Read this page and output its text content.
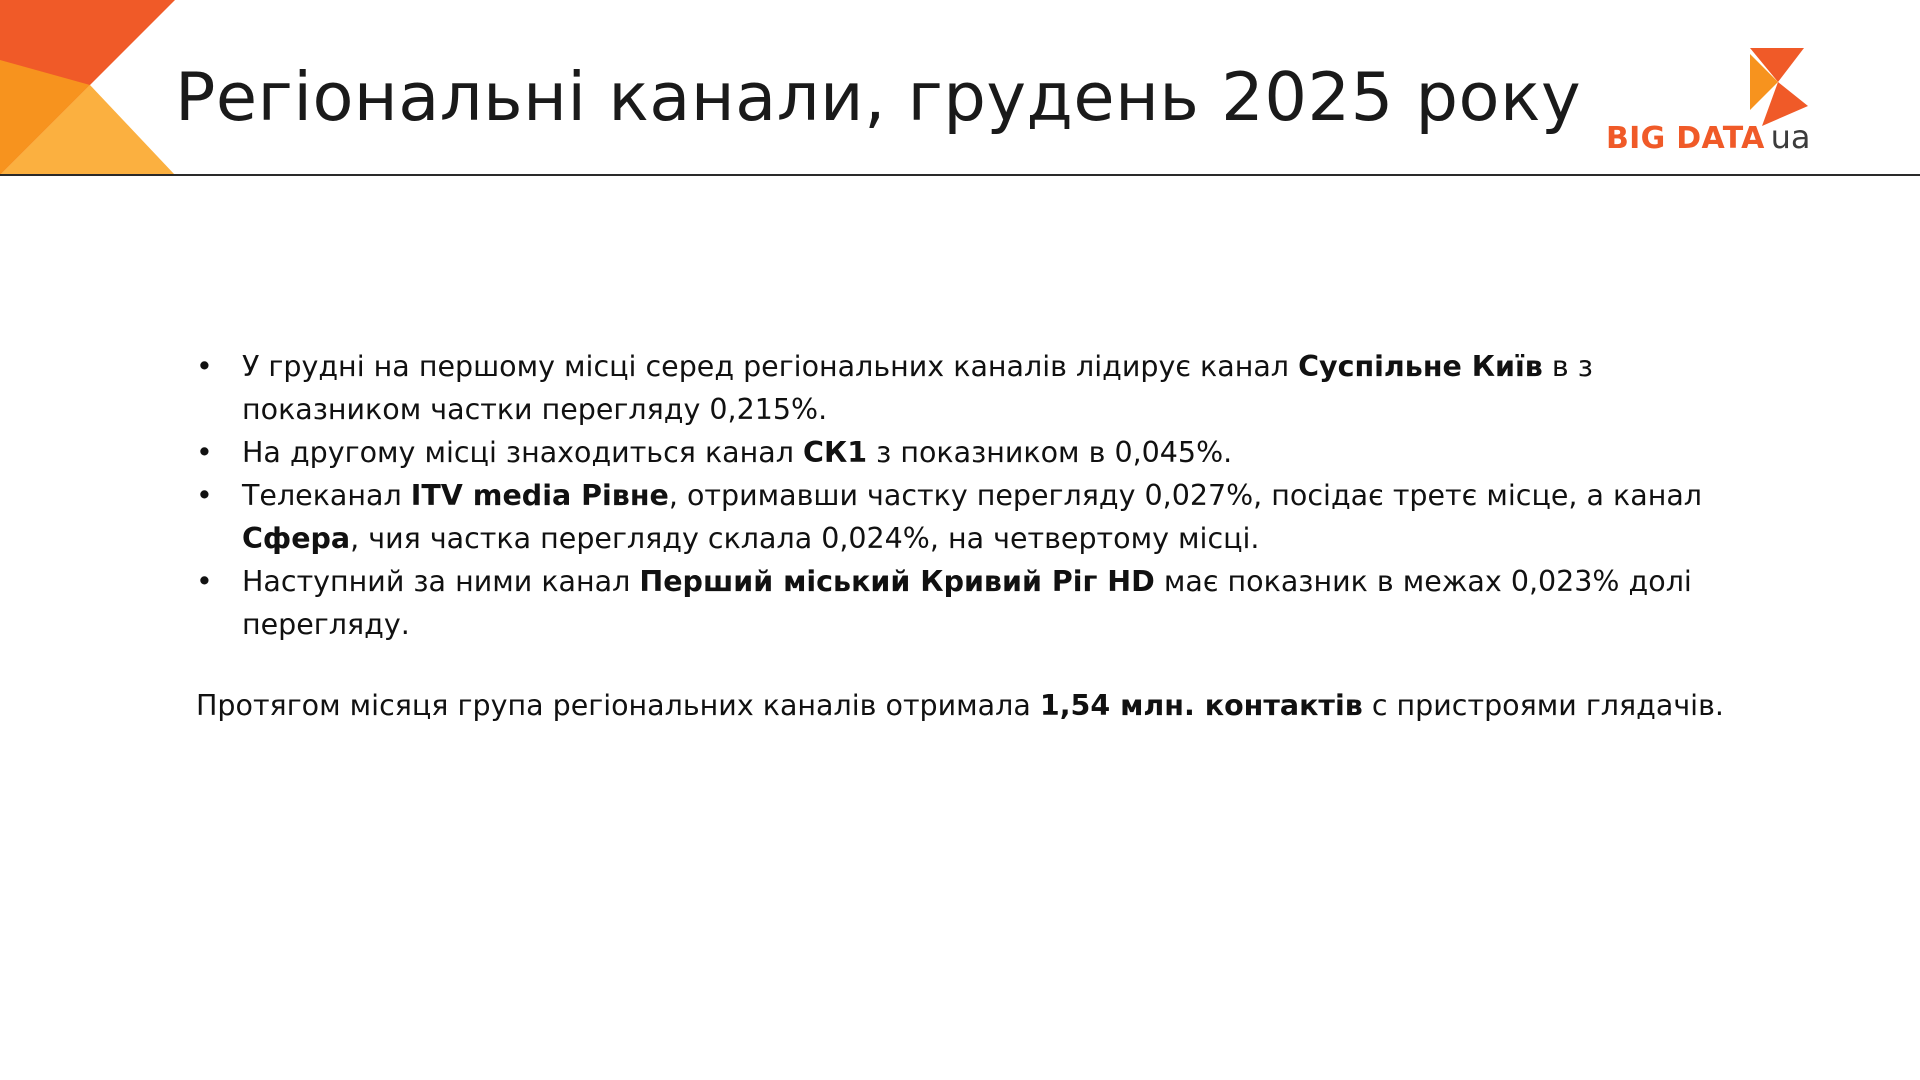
Регіональні канали, грудень 2025 року
BIG DATA ua
• У грудні на першому місці серед регіональних каналів лідирує канал Суспільне Київ в з показником частки перегляду 0,215%.
• На другому місці знаходиться канал СК1 з показником в 0,045%.
• Телеканал ITV media Рівне, отримавши частку перегляду 0,027%, посідає третє місце, а канал Сфера, чия частка перегляду склала 0,024%, на четвертому місці.
• Наступний за ними канал Перший міський Кривий Ріг HD має показник в межах 0,023% долі перегляду.

Протягом місяця група регіональних каналів отримала 1,54 млн. контактів с пристроями глядачів.
